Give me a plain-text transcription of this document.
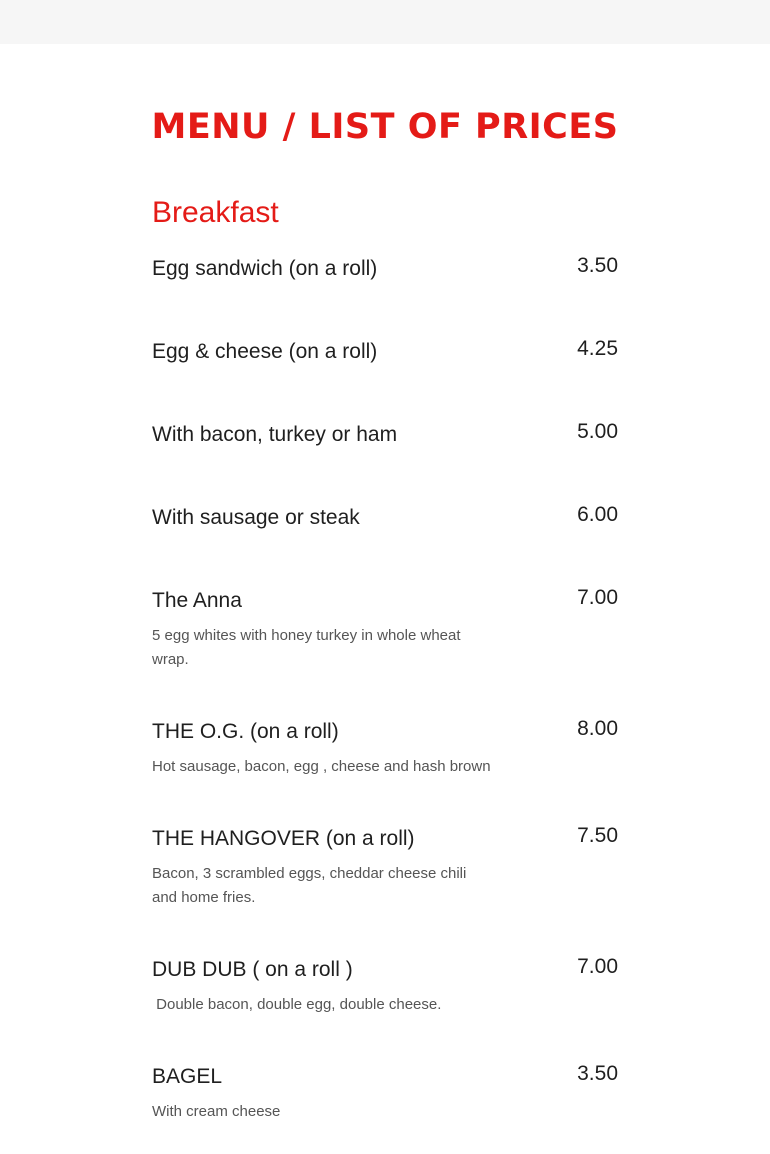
MENU / LIST OF PRICES
Breakfast
Egg sandwich (on a roll)	3.50
Egg & cheese (on a roll)	4.25
With bacon, turkey or ham	5.00
With sausage or steak	6.00
The Anna	7.00
5 egg whites with honey turkey in whole wheat wrap.
THE O.G. (on a roll)	8.00
Hot sausage, bacon, egg , cheese and hash brown
THE HANGOVER (on a roll)	7.50
Bacon, 3 scrambled eggs, cheddar cheese chili and home fries.
DUB DUB ( on a roll )	7.00
Double bacon, double egg, double cheese.
BAGEL	3.50
With cream cheese
